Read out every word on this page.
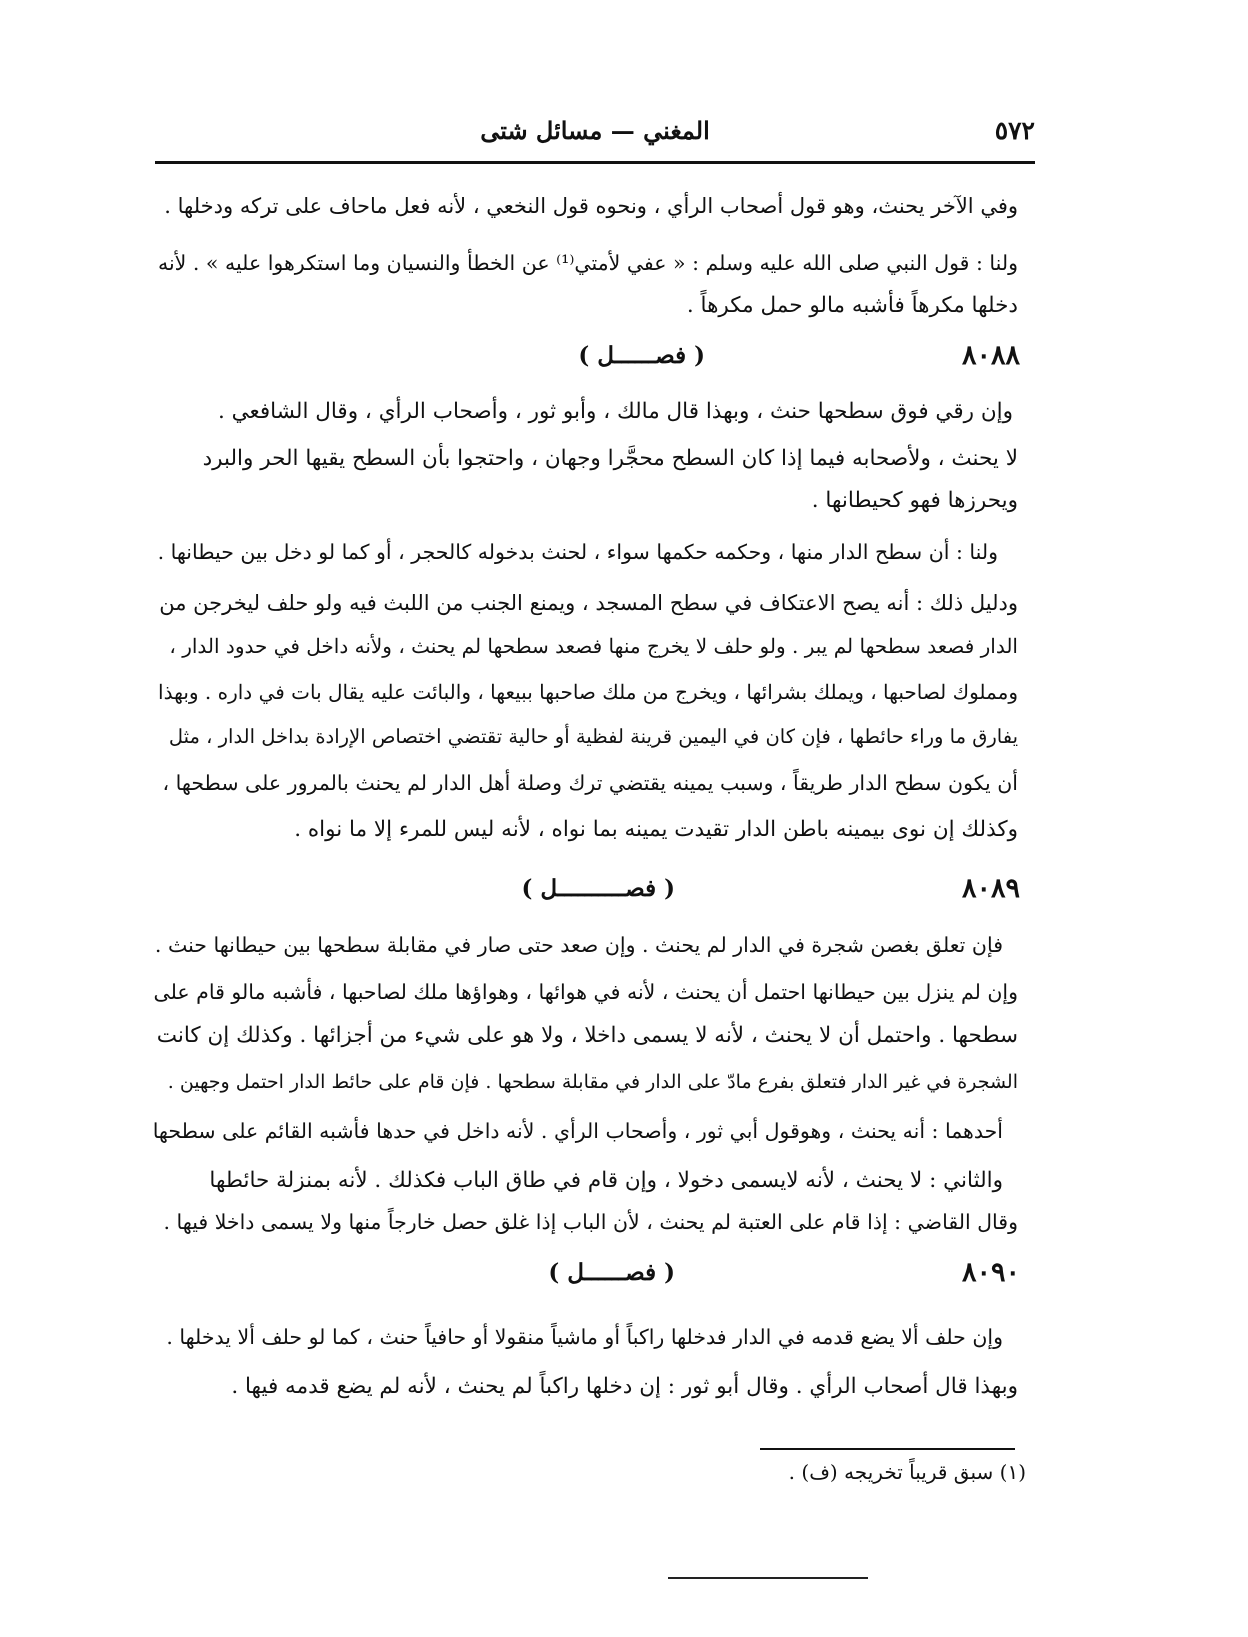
٥٧٢
المغني — مسائل شتى
وفي الآخر يحنث، وهو قول أصحاب الرأي ، ونحوه قول النخعي ، لأنه فعل ماحاف على تركه ودخلها .
ولنا : قول النبي صلى الله عليه وسلم : « عفي لأمتي⁽¹⁾ عن الخطأ والنسيان وما استكرهوا عليه » . لأنه
دخلها مكرهاً فأشبه مالو حمل مكرهاً .
٨٠٨٨
( فصــــــل )
وإن رقي فوق سطحها حنث ، وبهذا قال مالك ، وأبو ثور ، وأصحاب الرأي ، وقال الشافعي .
لا يحنث ، ولأصحابه فيما إذا كان السطح محجَّرا وجهان ، واحتجوا بأن السطح يقيها الحر والبرد
ويحرزها فهو كحيطانها .
ولنا : أن سطح الدار منها ، وحكمه حكمها سواء ، لحنث بدخوله كالحجر ، أو كما لو دخل بين حيطانها .
ودليل ذلك : أنه يصح الاعتكاف في سطح المسجد ، ويمنع الجنب من اللبث فيه ولو حلف ليخرجن من
الدار فصعد سطحها لم يبر . ولو حلف لا يخرج منها فصعد سطحها لم يحنث ، ولأنه داخل في حدود الدار ،
ومملوك لصاحبها ، ويملك بشرائها ، ويخرج من ملك صاحبها ببيعها ، والبائت عليه يقال بات في داره . وبهذا
يفارق ما وراء حائطها ، فإن كان في اليمين قرينة لفظية أو حالية تقتضي اختصاص الإرادة بداخل الدار ، مثل
أن يكون سطح الدار طريقاً ، وسبب يمينه يقتضي ترك وصلة أهل الدار لم يحنث بالمرور على سطحها ،
وكذلك إن نوى بيمينه باطن الدار تقيدت يمينه بما نواه ، لأنه ليس للمرء إلا ما نواه .
٨٠٨٩
( فصــــــــــل )
فإن تعلق بغصن شجرة في الدار لم يحنث . وإن صعد حتى صار في مقابلة سطحها بين حيطانها حنث .
وإن لم ينزل بين حيطانها احتمل أن يحنث ، لأنه في هوائها ، وهواؤها ملك لصاحبها ، فأشبه مالو قام على
سطحها . واحتمل أن لا يحنث ، لأنه لا يسمى داخلا ، ولا هو على شيء من أجزائها . وكذلك إن كانت
الشجرة في غير الدار فتعلق بفرع مادّ على الدار في مقابلة سطحها . فإن قام على حائط الدار احتمل وجهين .
أحدهما : أنه يحنث ، وهوقول أبي ثور ، وأصحاب الرأي . لأنه داخل في حدها فأشبه القائم على سطحها
والثاني : لا يحنث ، لأنه لايسمى دخولا ، وإن قام في طاق الباب فكذلك . لأنه بمنزلة حائطها
وقال القاضي : إذا قام على العتبة لم يحنث ، لأن الباب إذا غلق حصل خارجاً منها ولا يسمى داخلا فيها .
٨٠٩٠
( فصــــــل )
وإن حلف ألا يضع قدمه في الدار فدخلها راكباً أو ماشياً منقولا أو حافياً حنث ، كما لو حلف ألا يدخلها .
وبهذا قال أصحاب الرأي . وقال أبو ثور : إن دخلها راكباً لم يحنث ، لأنه لم يضع قدمه فيها .
(١) سبق قريباً تخريجه (ف) .
